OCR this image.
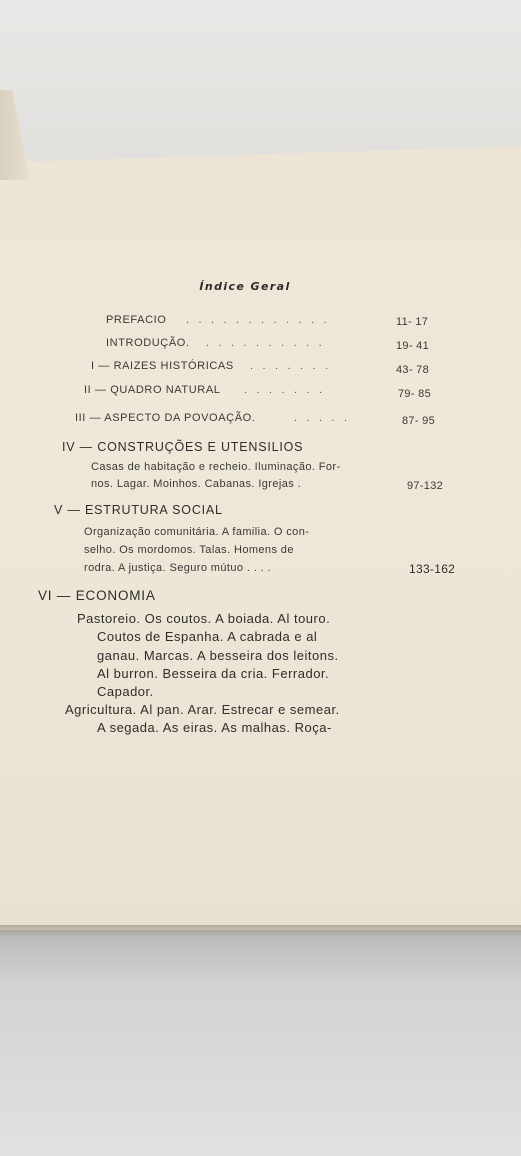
Índice Geral
PREFACIO . . . . . . . . . . . .	11- 17
INTRODUÇÃO. . . . . . . . . . .	19- 41
I — RAIZES HISTÓRICAS . . . . . . .	43- 78
II — QUADRO NATURAL . . . . . . .	79- 85
III — ASPECTO DA POVOAÇÃO.	. . . . .	87- 95
IV — CONSTRUÇÕES E UTENSILIOS
Casas de habitação e recheio. Iluminação. For-
nos. Lagar. Moinhos. Cabanas. Igrejas .	97-132
V — ESTRUTURA SOCIAL
Organização comunitária. A familia. O con-
selho. Os mordomos. Talas. Homens de
rodra. A justiça. Seguro mútuo . . . .	133-162
VI — ECONOMIA
Pastoreio. Os coutos. A boiada. Al touro.
Coutos de Espanha. A cabrada e al
ganau. Marcas. A besseira dos leitons.
Al burron. Besseira da cria. Ferrador.
Capador.
Agricultura. Al pan. Arar. Estrecar e semear.
A segada. As eiras. As malhas. Roça-
